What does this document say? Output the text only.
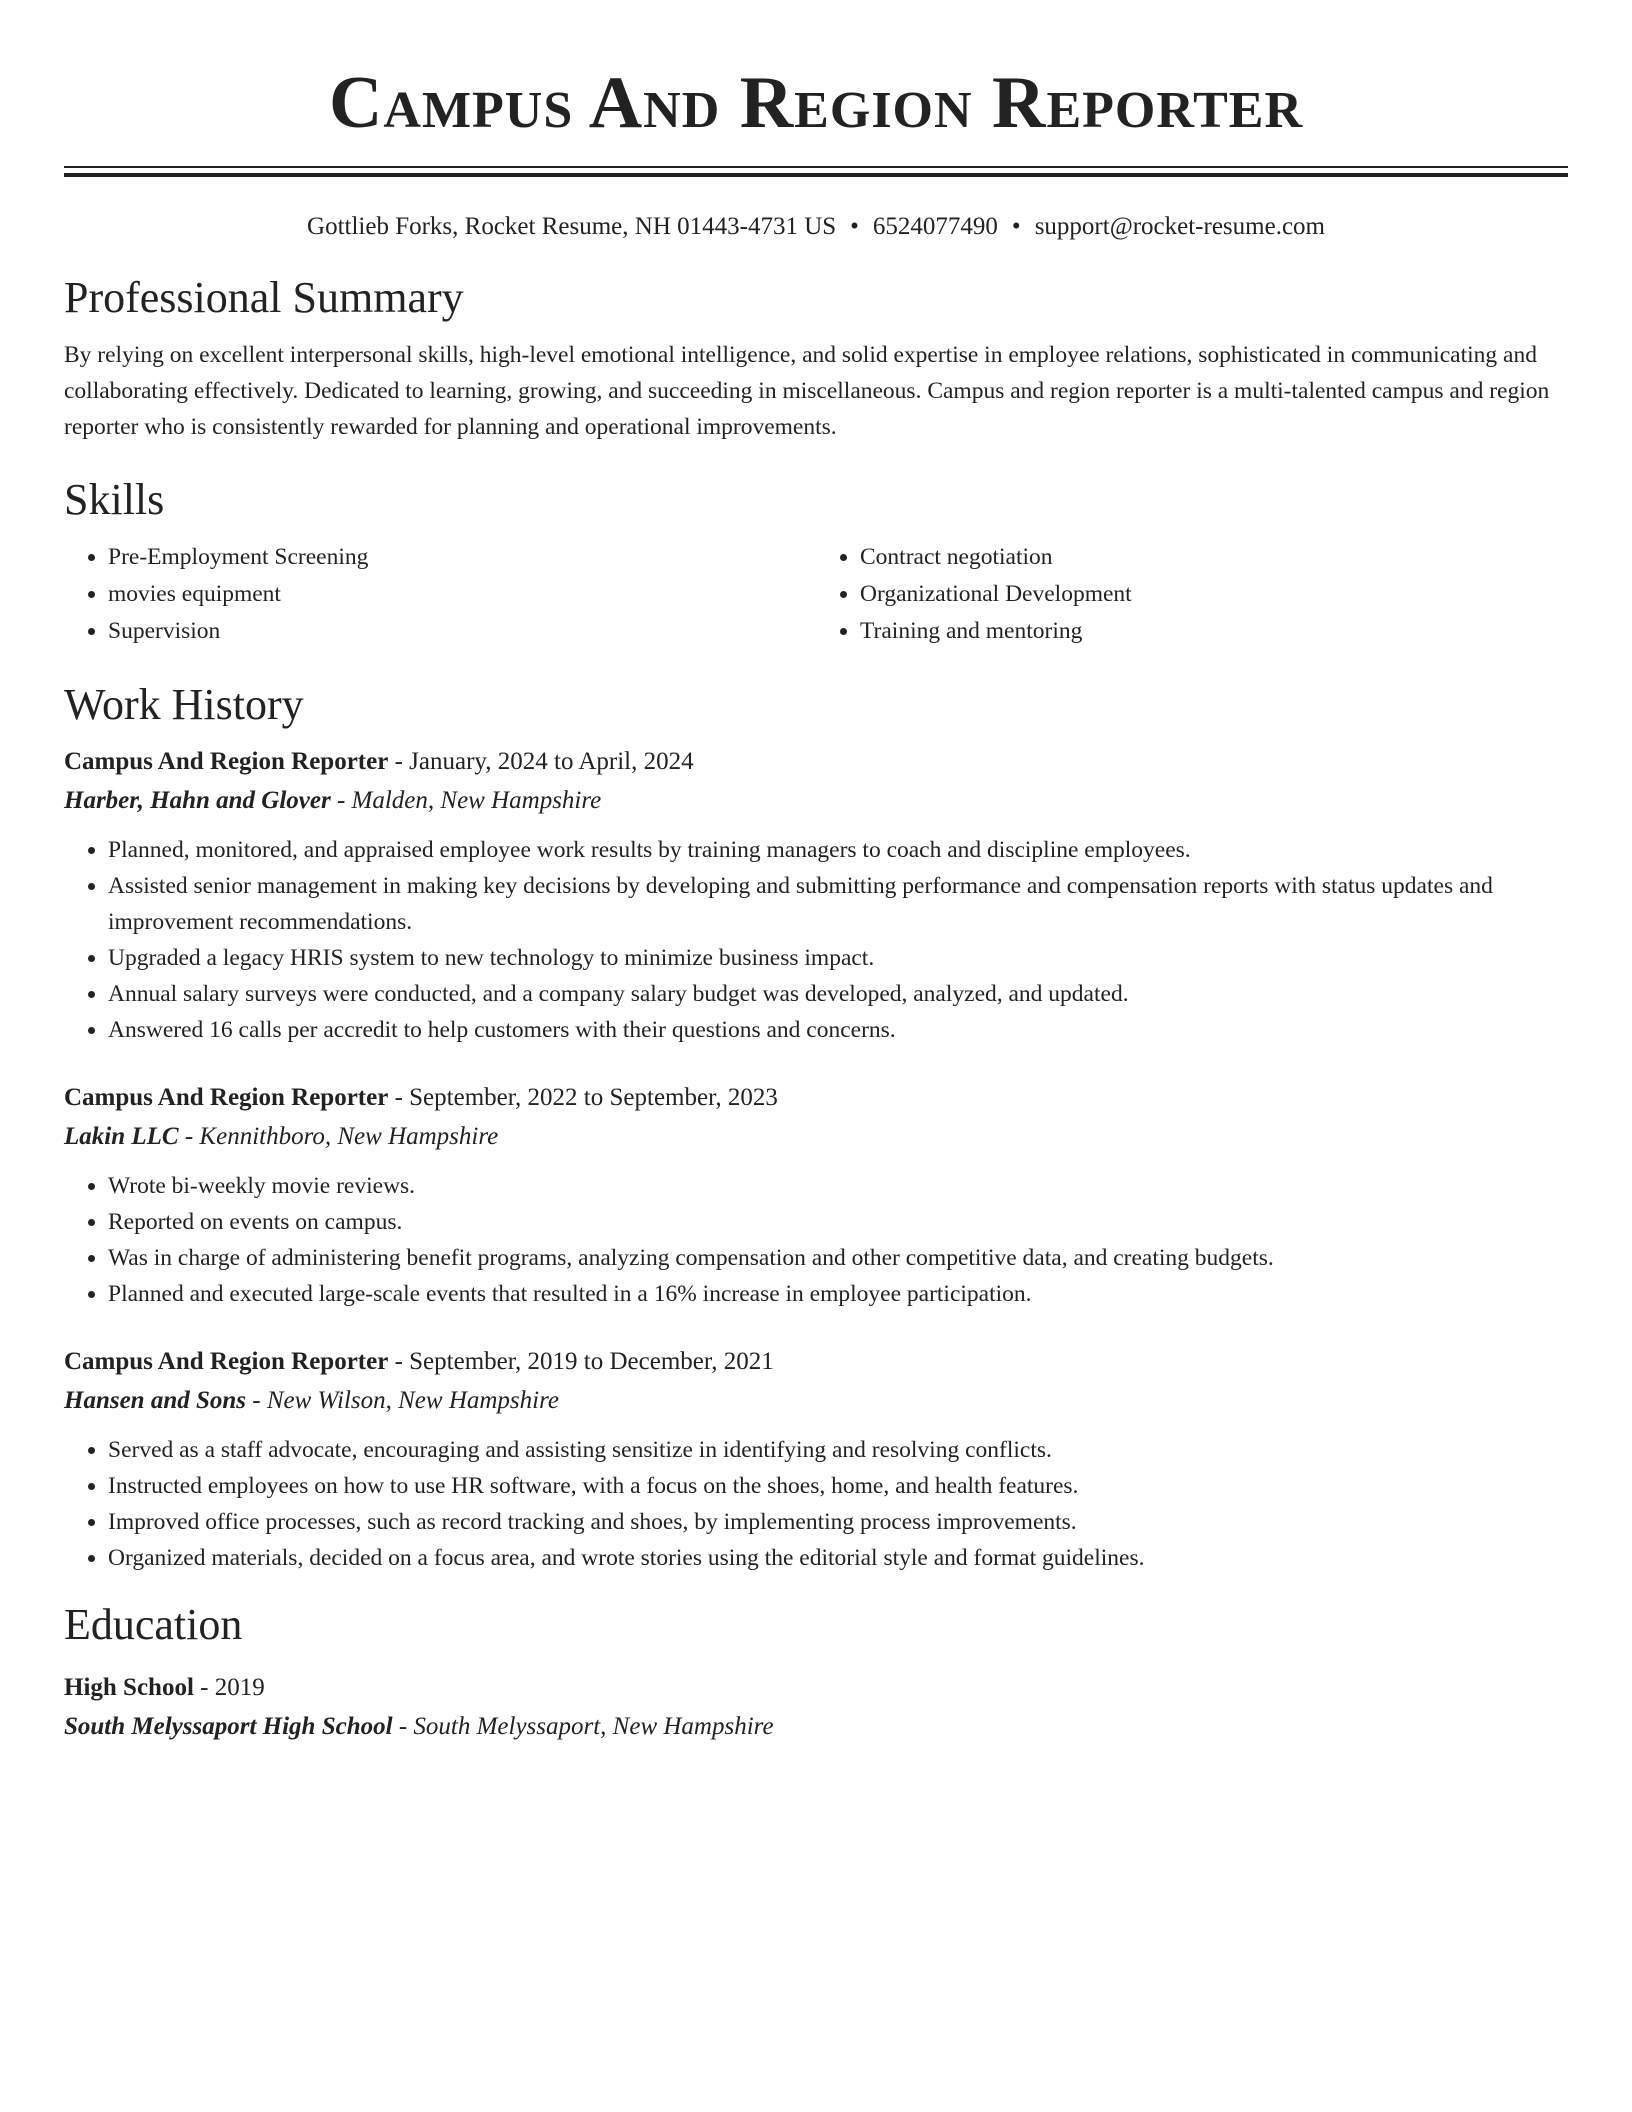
Campus And Region Reporter
Gottlieb Forks, Rocket Resume, NH 01443-4731 US • 6524077490 • support@rocket-resume.com
Professional Summary
By relying on excellent interpersonal skills, high-level emotional intelligence, and solid expertise in employee relations, sophisticated in communicating and collaborating effectively. Dedicated to learning, growing, and succeeding in miscellaneous. Campus and region reporter is a multi-talented campus and region reporter who is consistently rewarded for planning and operational improvements.
Skills
• Pre-Employment Screening
• movies equipment
• Supervision
• Contract negotiation
• Organizational Development
• Training and mentoring
Work History
Campus And Region Reporter - January, 2024 to April, 2024
Harber, Hahn and Glover - Malden, New Hampshire
• Planned, monitored, and appraised employee work results by training managers to coach and discipline employees.
• Assisted senior management in making key decisions by developing and submitting performance and compensation reports with status updates and improvement recommendations.
• Upgraded a legacy HRIS system to new technology to minimize business impact.
• Annual salary surveys were conducted, and a company salary budget was developed, analyzed, and updated.
• Answered 16 calls per accredit to help customers with their questions and concerns.
Campus And Region Reporter - September, 2022 to September, 2023
Lakin LLC - Kennithboro, New Hampshire
• Wrote bi-weekly movie reviews.
• Reported on events on campus.
• Was in charge of administering benefit programs, analyzing compensation and other competitive data, and creating budgets.
• Planned and executed large-scale events that resulted in a 16% increase in employee participation.
Campus And Region Reporter - September, 2019 to December, 2021
Hansen and Sons - New Wilson, New Hampshire
• Served as a staff advocate, encouraging and assisting sensitize in identifying and resolving conflicts.
• Instructed employees on how to use HR software, with a focus on the shoes, home, and health features.
• Improved office processes, such as record tracking and shoes, by implementing process improvements.
• Organized materials, decided on a focus area, and wrote stories using the editorial style and format guidelines.
Education
High School - 2019
South Melyssaport High School - South Melyssaport, New Hampshire
